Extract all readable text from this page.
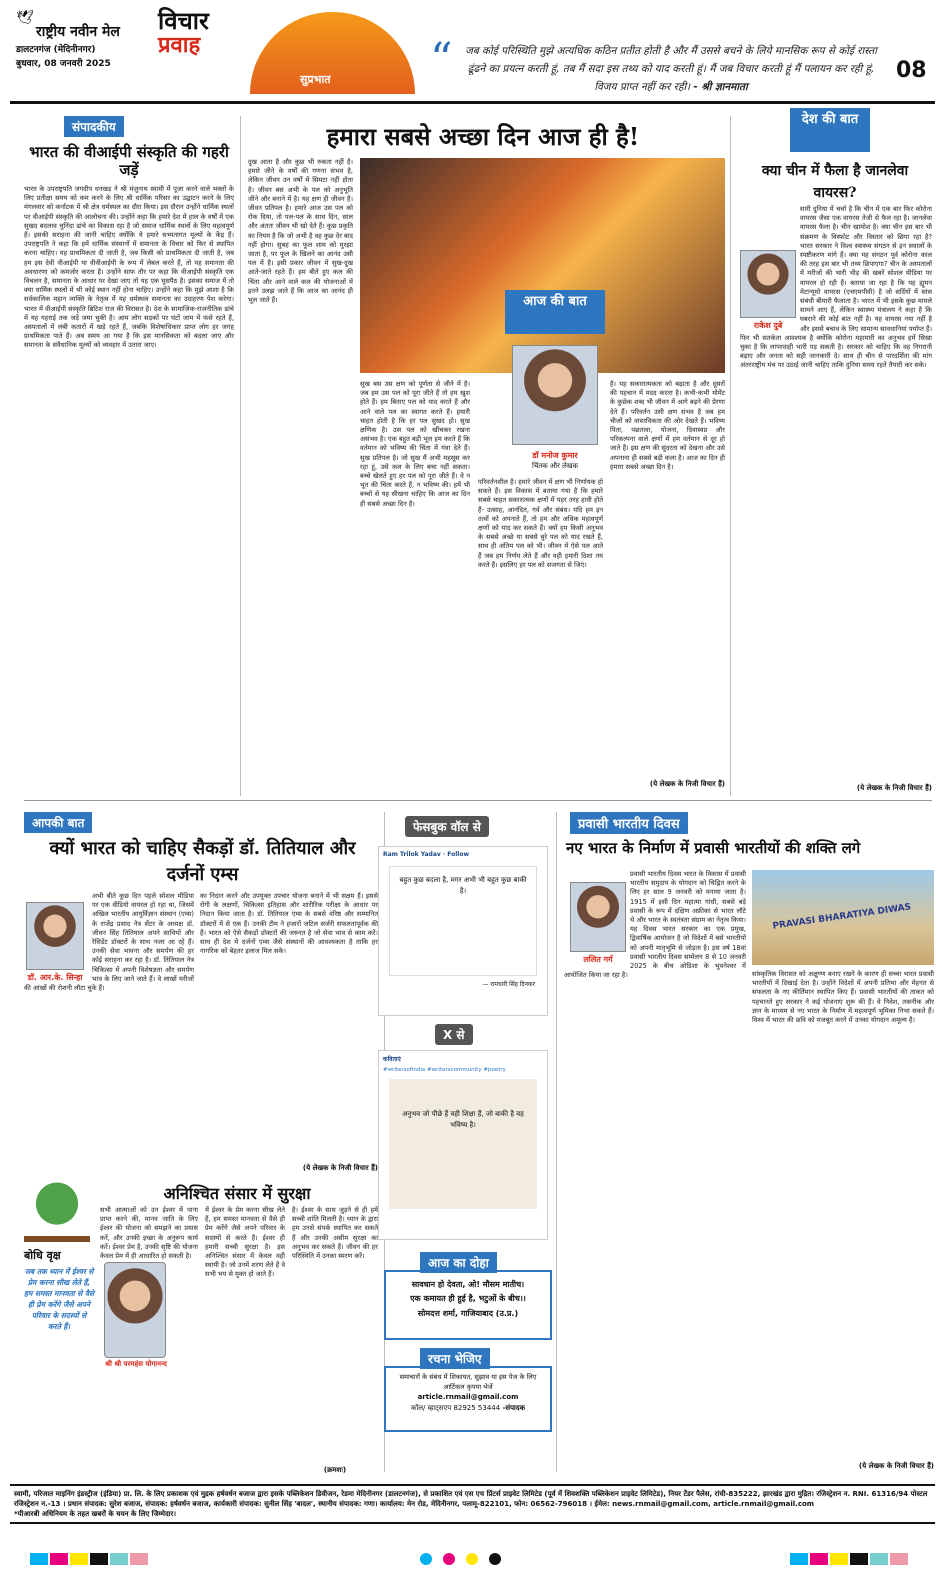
🕊
राष्ट्रीय नवीन मेल
डालटनगंज (मेदिनीनगर)
बुधवार, 08 जनवरी 2025
विचार
प्रवाह
सुप्रभात “	जब कोई परिस्थिति मुझे अत्यधिक कठिन प्रतीत होती है और मैं उससे बचने के लिये मानसिक रूप से कोई रास्ता ढूंढने का प्रयत्न करती हूं, तब मैं सदा इस तथ्य को याद करती हूं। मैं जब विचार करती हूं मैं पलायन कर रही हूं, विजय प्राप्त नहीं कर रही। - श्री ज्ञानमाता
08
संपादकीय
भारत की वीआईपी संस्कृति की गहरी जड़ें
भारत के उपराष्ट्रपति जगदीप धनखड़ ने श्री मंजुनाथ स्वामी में पूजा करने वाले भक्तों के लिए प्रतीक्षा समय को कम करने के लिए श्री धार्मिक परिसर का उद्घाटन करने के लिए मंगलवार को कर्नाटक में श्री क्षेत्र धर्मस्थल का दौरा किया। इस दौरान उन्होंने धार्मिक स्थलों पर वीआईपी संस्कृति की आलोचना की। उन्होंने कहा कि हमारे देश में हाल के वर्षों में एक सुखद बदलाव चुनिंदा ढांचे का विकास रहा है जो समाज धार्मिक स्थलों के लिए महत्वपूर्ण हैं। इसकी सराहना की जानी चाहिए क्योंकि ये हमारे सभ्यतागत मूल्यों के केंद्र हैं। उपराष्ट्रपति ने कहा कि हमें धार्मिक संस्थानों में समानता के विचार को फिर से स्थापित करना चाहिए। यह प्राथमिकता दी जाती है, जब किसी को प्राथमिकता दी जाती है, जब हम इस देवी वीआईपी या वीवीआईपी के रूप में लेबल करते हैं, तो यह समानता की अवधारणा को कमजोर करता है। उन्होंने साफ तौर पर कहा कि वीआईपी संस्कृति एक विचलन है, समानता के आधार पर देखा जाए तो यह एक घुसपैठ है। इसका समाज में तो क्या धार्मिक स्थलों में भी कोई स्थान नहीं होना चाहिए। उन्होंने कहा कि मुझे आशा है कि सर्वकालिक महान व्यक्ति के नेतृत्व में यह धर्मस्थल समानता का उदाहरण पेश करेगा। भारत में वीआईपी संस्कृति ब्रिटिश राज की विरासत है। देश के सामाजिक-राजनीतिक ढांचे में यह गहराई तक जड़ें जमा चुकी है। आम लोग सड़कों पर घंटों जाम में फंसे रहते हैं, अस्पतालों में लंबी कतारों में खड़े रहते हैं, जबकि विशेषाधिकार प्राप्त लोग हर जगह प्राथमिकता पाते हैं। अब समय आ गया है कि इस मानसिकता को बदला जाए और समानता के संवैधानिक मूल्यों को व्यवहार में उतारा जाए।
हमारा सबसे अच्छा दिन आज ही है!
दुख आता है और कुछ भी रुकता नहीं है। हमारे जीने के वर्षों की गणना संभव है, लेकिन जीवन उन वर्षों में सिमटा नहीं होता है। जीवन बस अभी के पल को अनुभूति जीने और बनाने में है। यह क्षण ही जीवन है। जीवन प्रतिपल है। हमारे आज उस पल को रोक दिया, तो पल-पल के साथ दिन, साल और अंततः जीवन भी खो देते हैं। कुछ प्रकृति का नियम है कि जो अभी है वह कुछ देर बाद नहीं होगा। सुबह का फूल शाम को मुरझा जाता है, पर फूल के खिलने का आनंद उसी पल में है। इसी प्रकार जीवन में सुख-दुख आते-जाते रहते हैं। हम बीते हुए कल की चिंता और आने वाले कल की योजनाओं में इतने उलझ जाते हैं कि आज का आनंद ही भूल जाते हैं।
सुख बस उस क्षण को पूर्णता से जीने में है। जब हम उस पल को पूरा जीते हैं तो हम खुश होते हैं। हम बिताए पल को याद करते हैं और आने वाले पल का स्वागत करते हैं। हमारी चाहत होती है कि हर पल सुखद हो। सुख क्षणिक है। उस पल को खींचकर रखना असंभव है। एक बहुत बड़ी भूल हम करते हैं कि वर्तमान को भविष्य की चिंता में गंवा देते हैं। सुख प्रतिपल है। जो सुख मैं अभी महसूस कर रहा हूं, उसे कल के लिए बचा नहीं सकता। बच्चे खेलते हुए हर पल को पूरा जीते हैं। वे न भूत की चिंता करते हैं, न भविष्य की। हमें भी बच्चों से यह सीखना चाहिए कि आज का दिन ही सबसे अच्छा दिन है।
आज की बात
डॉ मनोज कुमार
चिंतक और लेखक
परिवर्तनशील है। हमारे जीवन में क्षण भी निर्णायक हो सकते हैं। इस विकास में बताया गया है कि हमारे सबसे चाहत सकारात्मक क्षणों में पहर तरह हावी होते हैं- उत्साह, आनंदित, गर्व और संबंध। यदि हम इन तत्वों को अपनाते हैं, तो हम और अधिक महत्वपूर्ण क्षणों को याद कर सकते हैं। क्यों हम किसी अनुभव के सबसे अच्छे या सबसे बुरे पल को याद रखते हैं, साथ ही अंतिम पल को भी। जीवन में ऐसे पल आते हैं जब हम निर्णय लेते हैं और वही हमारी दिशा तय करते हैं। इसलिए हर पल को सजगता से जिएं।
है। यह सकारात्मकता को बढ़ाता है और दूसरों की पहचान में मदद करता है। कभी-कभी मोमेंट के कुछेक शब्द भी जीवन में आगे बढ़ने की प्रेरणा देते हैं। परिवर्तन उसी क्षण संभव है जब हम चीजों को वास्तविकता की ओर देखते हैं। भविष्य पिता, पछतावा, योजना, दिवास्वप्न और परिकल्पना वाले क्षणों में हम वर्तमान से दूर हो जाते हैं। इस क्षण की सुंदरता को देखना और उसे अपनाना ही सबसे बड़ी कला है। आज का दिन ही हमारा सबसे अच्छा दिन है।
(ये लेखक के निजी विचार हैं)
देश की बात
क्या चीन में फैला है जानलेवा वायरस?
राकेश दुबे
सारी दुनिया में चर्चा है कि चीन में एक बार फिर कोरोना वायरस जैसा एक वायरस तेजी से फैल रहा है। जानलेवा वायरस फैला है। चीन खामोश है। क्या चीन इस बार भी संक्रमण के विस्फोट और विस्तार को छिपा रहा है? भारत सरकार ने विश्व स्वास्थ्य संगठन से इन सवालों के स्पष्टीकरण मांगे हैं। क्या यह संगठन पूर्व कोरोना काल की तरह इस बार भी तथ्य छिपाएगा? चीन के अस्पतालों में मरीजों की भारी भीड़ की खबरें सोशल मीडिया पर वायरल हो रही हैं। बताया जा रहा है कि यह ह्यूमन मेटान्यूमो वायरस (एचएमपीवी) है जो सर्दियों में सांस संबंधी बीमारी फैलाता है। भारत में भी इसके कुछ मामले सामने आए हैं, लेकिन स्वास्थ्य मंत्रालय ने कहा है कि घबराने की कोई बात नहीं है। यह वायरस नया नहीं है और इससे बचाव के लिए सामान्य सावधानियां पर्याप्त हैं। फिर भी सतर्कता आवश्यक है क्योंकि कोरोना महामारी का अनुभव हमें सिखा चुका है कि लापरवाही भारी पड़ सकती है। सरकार को चाहिए कि वह निगरानी बढ़ाए और जनता को सही जानकारी दे। साथ ही चीन से पारदर्शिता की मांग अंतरराष्ट्रीय मंच पर उठाई जानी चाहिए ताकि दुनिया समय रहते तैयारी कर सके।
(ये लेखक के निजी विचार हैं)
आपकी बात
क्यों भारत को चाहिए सैकड़ों डॉ. तितियाल और दर्जनों एम्स
डॉ. आर.के. सिन्हा
अभी बीते कुछ दिन पहले सोशल मीडिया पर एक वीडियो वायरल हो रहा था, जिसमें अखिल भारतीय आयुर्विज्ञान संस्थान (एम्स) के राजेंद्र प्रसाद नेत्र सेंटर के अध्यक्ष डॉ. जीवन सिंह तितियाल अपने साथियों और रेसिडेंट डॉक्टरों के साथ नजर आ रहे हैं। उनकी सेवा भावना और समर्पण की हर कोई सराहना कर रहा है। डॉ. तितियाल नेत्र चिकित्सा में अपनी विशेषज्ञता और समर्पण भाव के लिए जाने जाते हैं। वे लाखों मरीजों की आंखों की रोशनी लौटा चुके हैं।
का निदान करने और उपयुक्त उपचार योजना बनाने में भी सक्षम हैं। इससे रोगी के लक्षणों, चिकित्सा इतिहास और शारीरिक परीक्षा के आधार पर निदान किया जाता है। डॉ. तितियाल एम्स के सबसे वरिष्ठ और सम्मानित डॉक्टरों में से एक हैं। उनकी टीम ने हजारों जटिल सर्जरी सफलतापूर्वक की हैं। भारत को ऐसे सैकड़ों डॉक्टरों की जरूरत है जो सेवा भाव से काम करें। साथ ही देश में दर्जनों एम्स जैसे संस्थानों की आवश्यकता है ताकि हर नागरिक को बेहतर इलाज मिल सके।
(ये लेखक के निजी विचार हैं)
अनिश्चित संसार में सुरक्षा
सभी आत्माओं को उन ईश्वर में पाना प्राप्त करने की, मानव जाति के लिए ईश्वर की योजना को समझने का प्रयास करें, और उनकी इच्छा के अनुरूप कार्य करें। ईश्वर प्रेम है, उनकी सृष्टि की योजना केवल प्रेम में ही आधारित हो सकती है।
श्री श्री परमहंस योगानन्द
में ईश्वर के प्रेम करना सीख लेते हैं, हम समस्त मानवता से वैसे ही प्रेम करेंगे जैसे अपने परिवार के सदस्यों से करते हैं। ईश्वर ही हमारी सच्ची सुरक्षा है। इस अनिश्चित संसार में केवल वही स्थायी है। जो उनमें शरण लेते हैं वे सभी भय से मुक्त हो जाते हैं।
है। ईश्वर के साथ जुड़ने से ही हमें सच्ची शांति मिलती है। ध्यान के द्वारा हम उनसे संपर्क स्थापित कर सकते हैं और उनकी असीम सुरक्षा का अनुभव कर सकते हैं। जीवन की हर परिस्थिति में उनका स्मरण करें।
(क्रमशः)
बोधि वृक्ष
जब तक ध्यान में ईश्वर से प्रेम करना सीख लेते हैं, हम समस्त मानवता से वैसे ही प्रेम करेंगे जैसे अपने परिवार के सदस्यों से करते हैं।
फेसबुक वॉल से
Ram Trilok Yadav · Follow
बहुत कुछ बदला है, मगर अभी भी बहुत कुछ बाकी है।
— रामधारी सिंह दिनकर
X से
कविताएं
#writersofindia #writerscommunity #poetry
अनुभव जो पीछे हैं वही शिक्षा हैं, जो बाकी है वह भविष्य है।
आज का दोहा
सावधान हो देवता, ओ! मौसम मातीच।
एक कमायत ही हुई है, भटुओं के बीच।।
सोमदत्त शर्मा, गाजियाबाद (उ.प्र.)
रचना भेजिए
समाचारों के संबंध में शिकायत, सुझाव या इस पेज के लिए आर्टिकल कृपया भेजें
article.rnmail@gmail.com
कॉल/ व्हाट्सएप 82925 53444 -संपादक
प्रवासी भारतीय दिवस
नए भारत के निर्माण में प्रवासी भारतीयों की शक्ति लगे
ललित गर्ग
प्रवासी भारतीय दिवस भारत के विकास में प्रवासी भारतीय समुदाय के योगदान को चिह्नित करने के लिए हर साल 9 जनवरी को मनाया जाता है। 1915 में इसी दिन महात्मा गांधी, सबसे बड़े प्रवासी के रूप में दक्षिण अफ्रीका से भारत लौटे थे और भारत के स्वतंत्रता संग्राम का नेतृत्व किया। यह दिवस भारत सरकार का एक प्रमुख, द्विवार्षिक आयोजन है जो विदेशों में बसे भारतीयों को अपनी मातृभूमि से जोड़ता है। इस वर्ष 18वां प्रवासी भारतीय दिवस सम्मेलन 8 से 10 जनवरी 2025 के बीच ओडिशा के भुवनेश्वर में आयोजित किया जा रहा है।
PRAVASI BHARATIYA DIWAS
सांस्कृतिक विरासत को अक्षुण्ण बनाए रखने के कारण ही सच्चा भारत प्रवासी भारतीयों में दिखाई देता है। उन्होंने विदेशों में अपनी प्रतिभा और मेहनत से सफलता के नए कीर्तिमान स्थापित किए हैं। प्रवासी भारतीयों की ताकत को पहचानते हुए सरकार ने कई योजनाएं शुरू की हैं। वे निवेश, तकनीक और ज्ञान के माध्यम से नए भारत के निर्माण में महत्वपूर्ण भूमिका निभा सकते हैं। विश्व में भारत की छवि को मजबूत करने में उनका योगदान अमूल्य है।
(ये लेखक के निजी विचार हैं)
स्वामी, परिजात माइनिंग इंडस्ट्रीज (इंडिया) प्रा. लि. के लिए प्रकाशक एवं मुद्रक हर्षवर्धन बजाज द्वारा इसके पब्लिकेशन डिवीजन, रेडमा मेदिनीनगर (डालटनगंज), से प्रकाशित एवं एस एच प्रिंटर्स प्राइवेट लिमिटेड (पूर्व में शिवशक्ति पब्लिकेशन प्राइवेट लिमिटेड), नियर टेंडर पैलेस, रांची-835222, झारखंड द्वारा मुद्रित। रजिस्ट्रेशन न. RNI. 61316/94 पोस्टल रजिस्ट्रेशन न.-13 । प्रधान संपादक: सुरेश बजाज, संपादक: हर्षवर्धन बजाज, कार्यकारी संपादक: सुनील सिंह 'बादल', स्थानीय संपादक: गणा। कार्यालय: मेन रोड, मेदिनीनगर, पलामू-822101, फोन: 06562-796018 । ईमेल: news.rnmail@gmail.com, article.rnmail@gmail.com
*पीआरबी अधिनियम के तहत खबरों के चयन के लिए जिम्मेदार।
